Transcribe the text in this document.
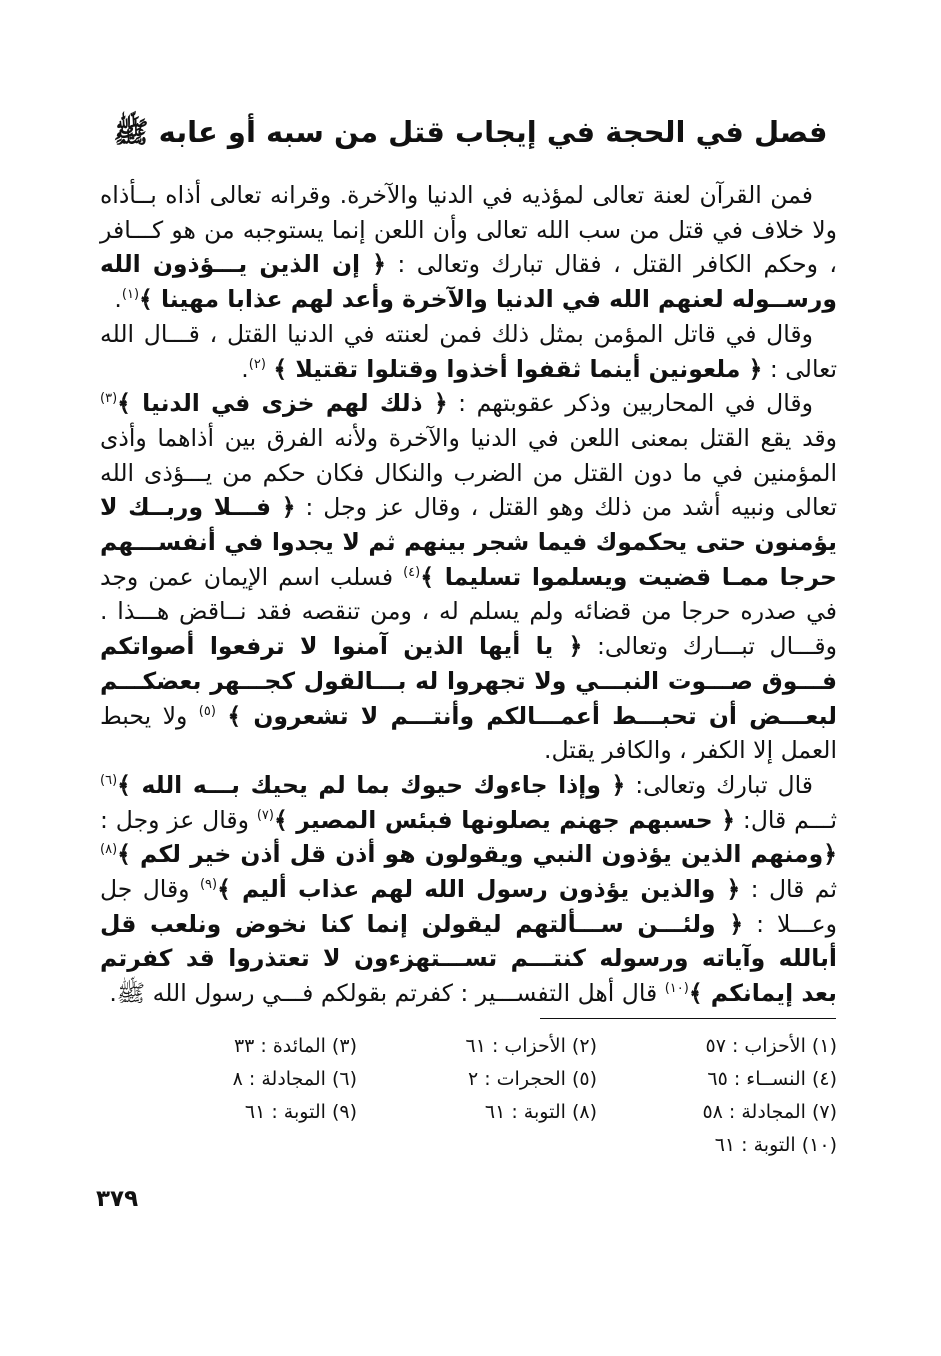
فصل في الحجة في إيجاب قتل من سبه أو عابه ﷺ

فمن القرآن لعنة تعالى لمؤذيه في الدنيا والآخرة. وقرانه تعالى أذاه بــأذاه ولا خلاف في قتل من سب الله تعالى وأن اللعن إنما يستوجبه من هو كـــافر ، وحكم الكافر القتل ، فقال تبارك وتعالى : ﴿ إن الذين يـــؤذون الله ورســوله لعنهم الله في الدنيا والآخرة وأعد لهم عذابا مهينا ﴾$^{(١)}$.

وقال في قاتل المؤمن بمثل ذلك فمن لعنته في الدنيا القتل ، قـــال الله تعالى : ﴿ ملعونين أينما ثقفوا أخذوا وقتلوا تقتيلا ﴾ $^{(٢)}$.

وقال في المحاربين وذكر عقوبتهم : ﴿ ذلك لهم خزى في الدنيا ﴾$^{(٣)}$ وقد يقع القتل بمعنى اللعن في الدنيا والآخرة ولأنه الفرق بين أذاهما وأذى المؤمنين في ما دون القتل من الضرب والنكال فكان حكم من يـــؤذى الله تعالى ونبيه أشد من ذلك وهو القتل ، وقال عز وجل : ﴿ فـــلا وربــك لا يؤمنون حتى يحكموك فيما شجر بينهم ثم لا يجدوا في أنفســـهم حرجا ممـا قضيت ويسلموا تسليما ﴾$^{(٤)}$ فسلب اسم الإيمان عمن وجد في صدره حرجا من قضائه ولم يسلم له ، ومن تنقصه فقد نــاقض هـــذا . وقـــال تبـــارك وتعالى: ﴿ يا أيها الذين آمنوا لا ترفعوا أصواتكم فـــوق صـــوت النبـــي ولا تجهروا له بـــالقول كجـــهر بعضكـــم لبعـــض أن تحبـــط أعمـــالكم وأنتـــم لا تشعرون ﴾ $^{(٥)}$ ولا يحبط العمل إلا الكفر ، والكافر يقتل.

قال تبارك وتعالى: ﴿ وإذا جاءوك حيوك بما لم يحيك بـــه الله ﴾$^{(٦)}$ ثـــم قال: ﴿ حسبهم جهنم يصلونها فبئس المصير ﴾$^{(٧)}$ وقال عز وجل : ﴿ومنهم الذين يؤذون النبي ويقولون هو أذن قل أذن خير لكم ﴾$^{(٨)}$ ثم قال : ﴿ والذين يؤذون رسول الله لهم عذاب أليم ﴾$^{(٩)}$ وقال جل وعـــلا : ﴿ ولئـــن ســـألتهم ليقولن إنما كنا نخوض ونلعب قل أبالله وآياته ورسوله كنتـــم تســـتهزءون لا تعتذروا قد كفرتم بعد إيمانكم ﴾$^{(١٠)}$ قال أهل التفســـير : كفرتم بقولكم فـــي رسول الله ﷺ.

(١) الأحزاب : ٥٧
(٢) الأحزاب : ٦١
(٣) المائدة : ٣٣
(٤) النســاء : ٦٥
(٥) الحجرات : ٢
(٦) المجادلة : ٨
(٧) المجادلة : ٥٨
(٨) التوبة : ٦١
(٩) التوبة : ٦١
(١٠) التوبة : ٦١
٣٧٩
